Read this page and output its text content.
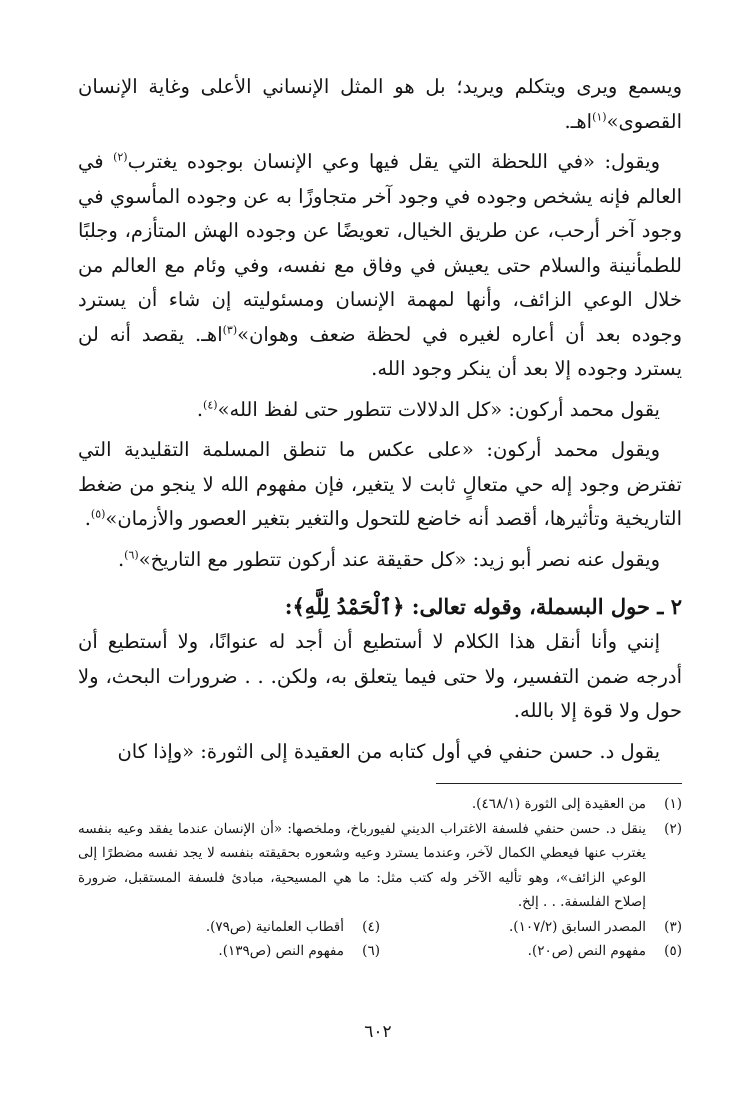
ويسمع ويرى ويتكلم ويريد؛ بل هو المثل الإنساني الأعلى وغاية الإنسان القصوى»$^{(١)}$اهـ.

ويقول: «في اللحظة التي يقل فيها وعي الإنسان بوجوده يغترب$^{(٢)}$ في العالم فإنه يشخص وجوده في وجود آخر متجاوزًا به عن وجوده المأسوي في وجود آخر أرحب، عن طريق الخيال، تعويضًا عن وجوده الهش المتأزم، وجلبًا للطمأنينة والسلام حتى يعيش في وفاق مع نفسه، وفي وئام مع العالم من خلال الوعي الزائف، وأنها لمهمة الإنسان ومسئوليته إن شاء أن يسترد وجوده بعد أن أعاره لغيره في لحظة ضعف وهوان»$^{(٣)}$اهـ. يقصد أنه لن يسترد وجوده إلا بعد أن ينكر وجود الله.

يقول محمد أركون: «كل الدلالات تتطور حتى لفظ الله»$^{(٤)}$.

ويقول محمد أركون: «على عكس ما تنطق المسلمة التقليدية التي تفترض وجود إله حي متعالٍ ثابت لا يتغير، فإن مفهوم الله لا ينجو من ضغط التاريخية وتأثيرها، أقصد أنه خاضع للتحول والتغير بتغير العصور والأزمان»$^{(٥)}$.

ويقول عنه نصر أبو زيد: «كل حقيقة عند أركون تتطور مع التاريخ»$^{(٦)}$.

٢ ـ حول البسملة، وقوله تعالى: ﴿ٱلْحَمْدُ لِلَّهِ﴾:

إنني وأنا أنقل هذا الكلام لا أستطيع أن أجد له عنوانًا، ولا أستطيع أن أدرجه ضمن التفسير، ولا حتى فيما يتعلق به، ولكن. . . ضرورات البحث، ولا حول ولا قوة إلا بالله.

يقول د. حسن حنفي في أول كتابه من العقيدة إلى الثورة: «وإذا كان

(١)
من العقيدة إلى الثورة (٤٦٨/١).
(٢)
ينقل د. حسن حنفي فلسفة الاغتراب الديني لفيورباخ، وملخصها: «أن الإنسان عندما يفقد وعيه بنفسه يغترب عنها فيعطي الكمال لآخر، وعندما يسترد وعيه وشعوره بحقيقته بنفسه لا يجد نفسه مضطرًا إلى الوعي الزائف»، وهو تأليه الآخر وله كتب مثل: ما هي المسيحية، مبادئ فلسفة المستقبل، ضرورة إصلاح الفلسفة. . . إلخ.
(٣)
المصدر السابق (١٠٧/٢).
(٤)
أقطاب العلمانية (ص٧٩).
(٥)
مفهوم النص (ص٢٠).
(٦)
مفهوم النص (ص١٣٩).
٦٠٢
